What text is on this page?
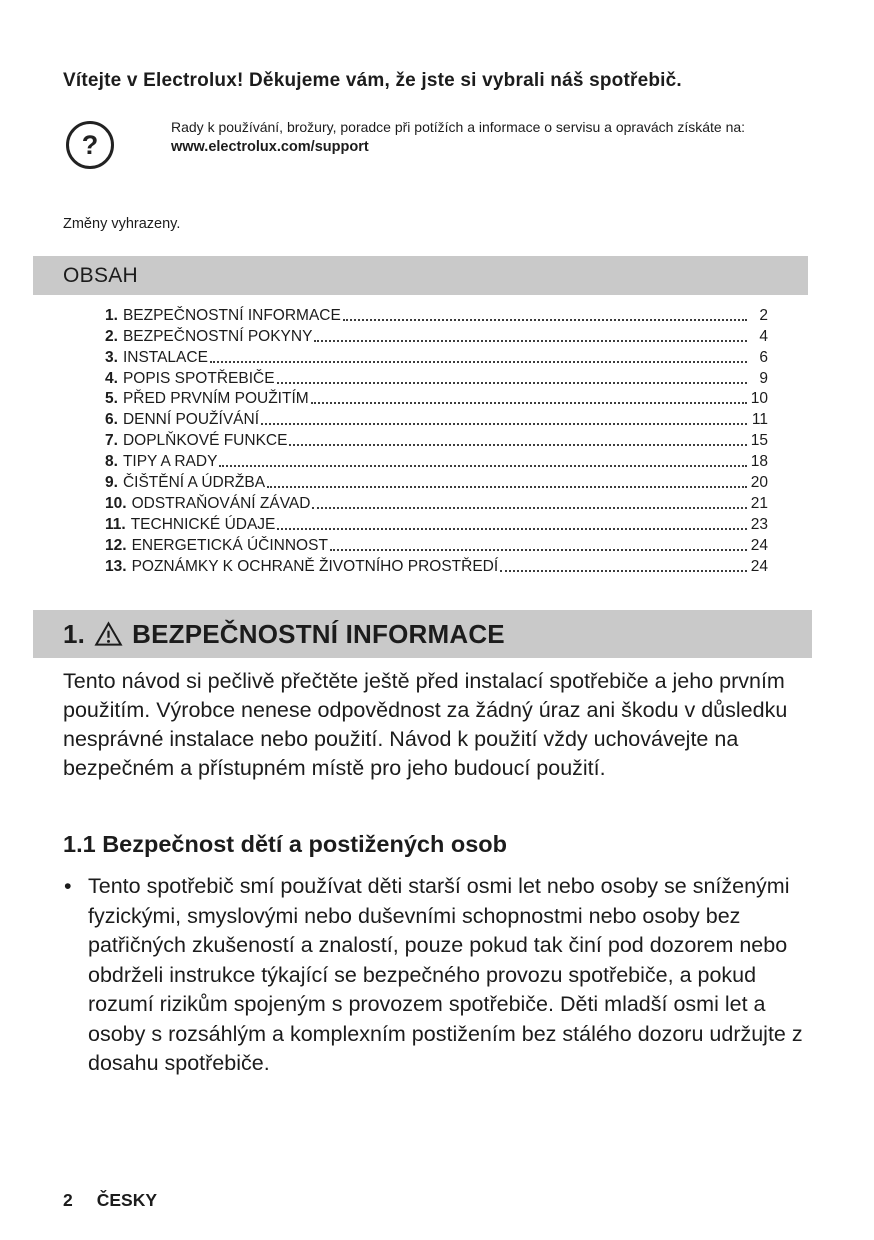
Vítejte v Electrolux! Děkujeme vám, že jste si vybrali náš spotřebič.
?
Rady k používání, brožury, poradce při potížích a informace o servisu a opravách získáte na:
www.electrolux.com/support
Změny vyhrazeny.
OBSAH
1. BEZPEČNOSTNÍ INFORMACE	2
2. BEZPEČNOSTNÍ POKYNY	4
3. INSTALACE	6
4. POPIS SPOTŘEBIČE	9
5. PŘED PRVNÍM POUŽITÍM	10
6. DENNÍ POUŽÍVÁNÍ	11
7. DOPLŇKOVÉ FUNKCE	15
8. TIPY A RADY	18
9. ČIŠTĚNÍ A ÚDRŽBA	20
10. ODSTRAŇOVÁNÍ ZÁVAD	21
11. TECHNICKÉ ÚDAJE	23
12. ENERGETICKÁ ÚČINNOST	24
13. POZNÁMKY K OCHRANĚ ŽIVOTNÍHO PROSTŘEDÍ	24
1. BEZPEČNOSTNÍ INFORMACE

Tento návod si pečlivě přečtěte ještě před instalací spotřebiče a jeho prvním použitím. Výrobce nenese odpovědnost za žádný úraz ani škodu v důsledku nesprávné instalace nebo použití. Návod k použití vždy uchovávejte na bezpečném a přístupném místě pro jeho budoucí použití.

1.1 Bezpečnost dětí a postižených osob
• Tento spotřebič smí používat děti starší osmi let nebo osoby se sníženými fyzickými, smyslovými nebo duševními schopnostmi nebo osoby bez patřičných zkušeností a znalostí, pouze pokud tak činí pod dozorem nebo obdrželi instrukce týkající se bezpečného provozu spotřebiče, a pokud rozumí rizikům spojeným s provozem spotřebiče. Děti mladší osmi let a osoby s rozsáhlým a komplexním postižením bez stálého dozoru udržujte z dosahu spotřebiče.
2 ČESKY
